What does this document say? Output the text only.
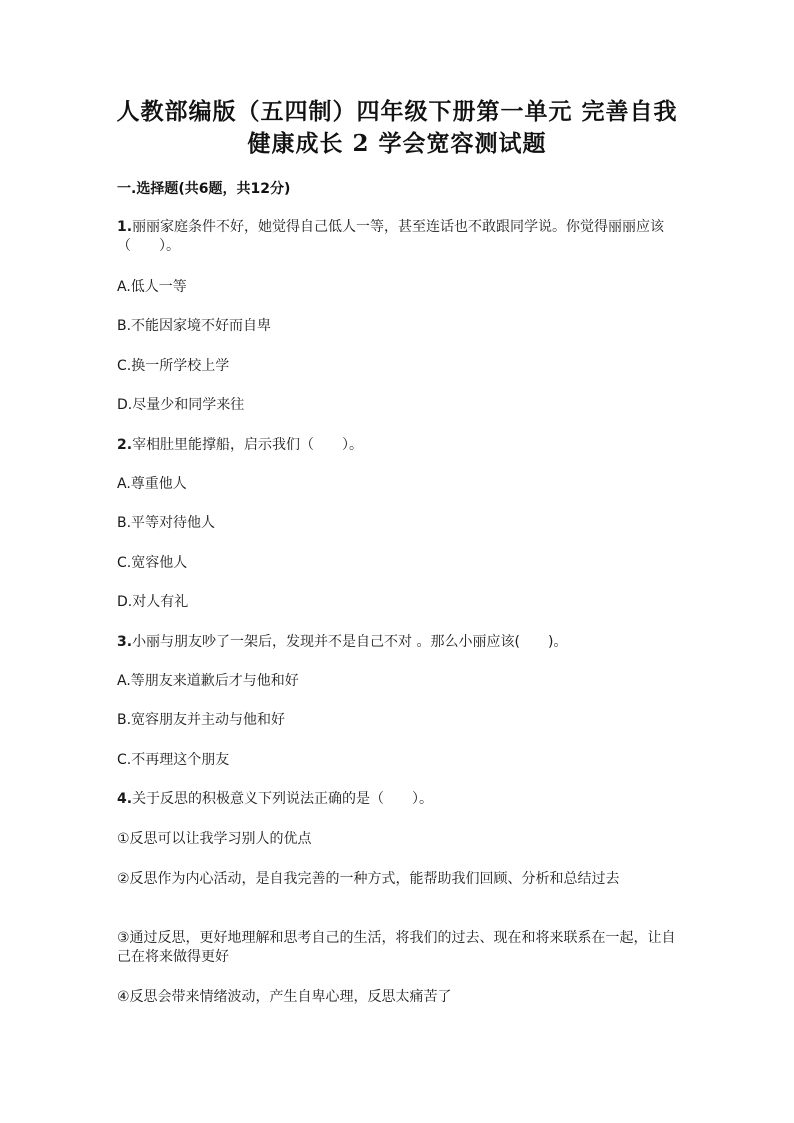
人教部编版（五四制）四年级下册第一单元 完善自我 健康成长 2 学会宽容测试题
一.选择题(共6题，共12分)
1.丽丽家庭条件不好，她觉得自己低人一等，甚至连话也不敢跟同学说。你觉得丽丽应该（　　）。
A.低人一等
B.不能因家境不好而自卑
C.换一所学校上学
D.尽量少和同学来往
2.宰相肚里能撑船，启示我们（　　）。
A.尊重他人
B.平等对待他人
C.宽容他人
D.对人有礼
3.小丽与朋友吵了一架后，发现并不是自己不对 。那么小丽应该(　　)。
A.等朋友来道歉后才与他和好
B.宽容朋友并主动与他和好
C.不再理这个朋友
4.关于反思的积极意义下列说法正确的是（　　）。
①反思可以让我学习别人的优点
②反思作为内心活动，是自我完善的一种方式，能帮助我们回顾、分析和总结过去
③通过反思，更好地理解和思考自己的生活，将我们的过去、现在和将来联系在一起，让自己在将来做得更好
④反思会带来情绪波动，产生自卑心理，反思太痛苦了
